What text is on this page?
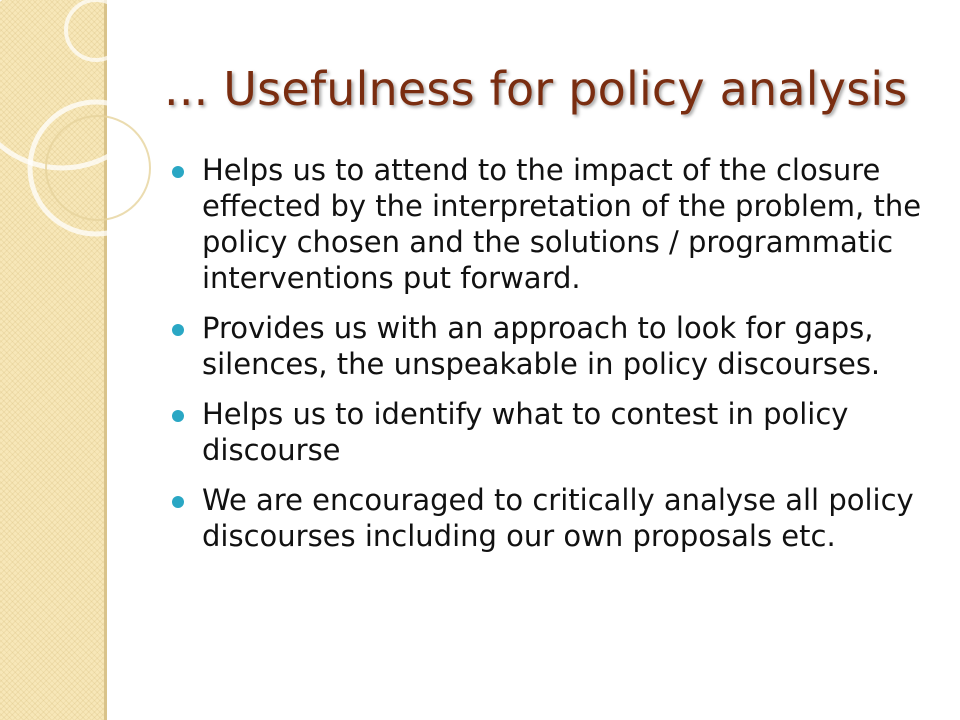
... Usefulness for policy analysis
Helps us to attend to the impact of the closure effected by the interpretation of the problem, the policy chosen and the solutions / programmatic interventions put forward.
Provides us with an approach to look for gaps, silences, the unspeakable in policy discourses.
Helps us to identify what to contest in policy discourse
We are encouraged to critically analyse all policy discourses including our own proposals etc.
